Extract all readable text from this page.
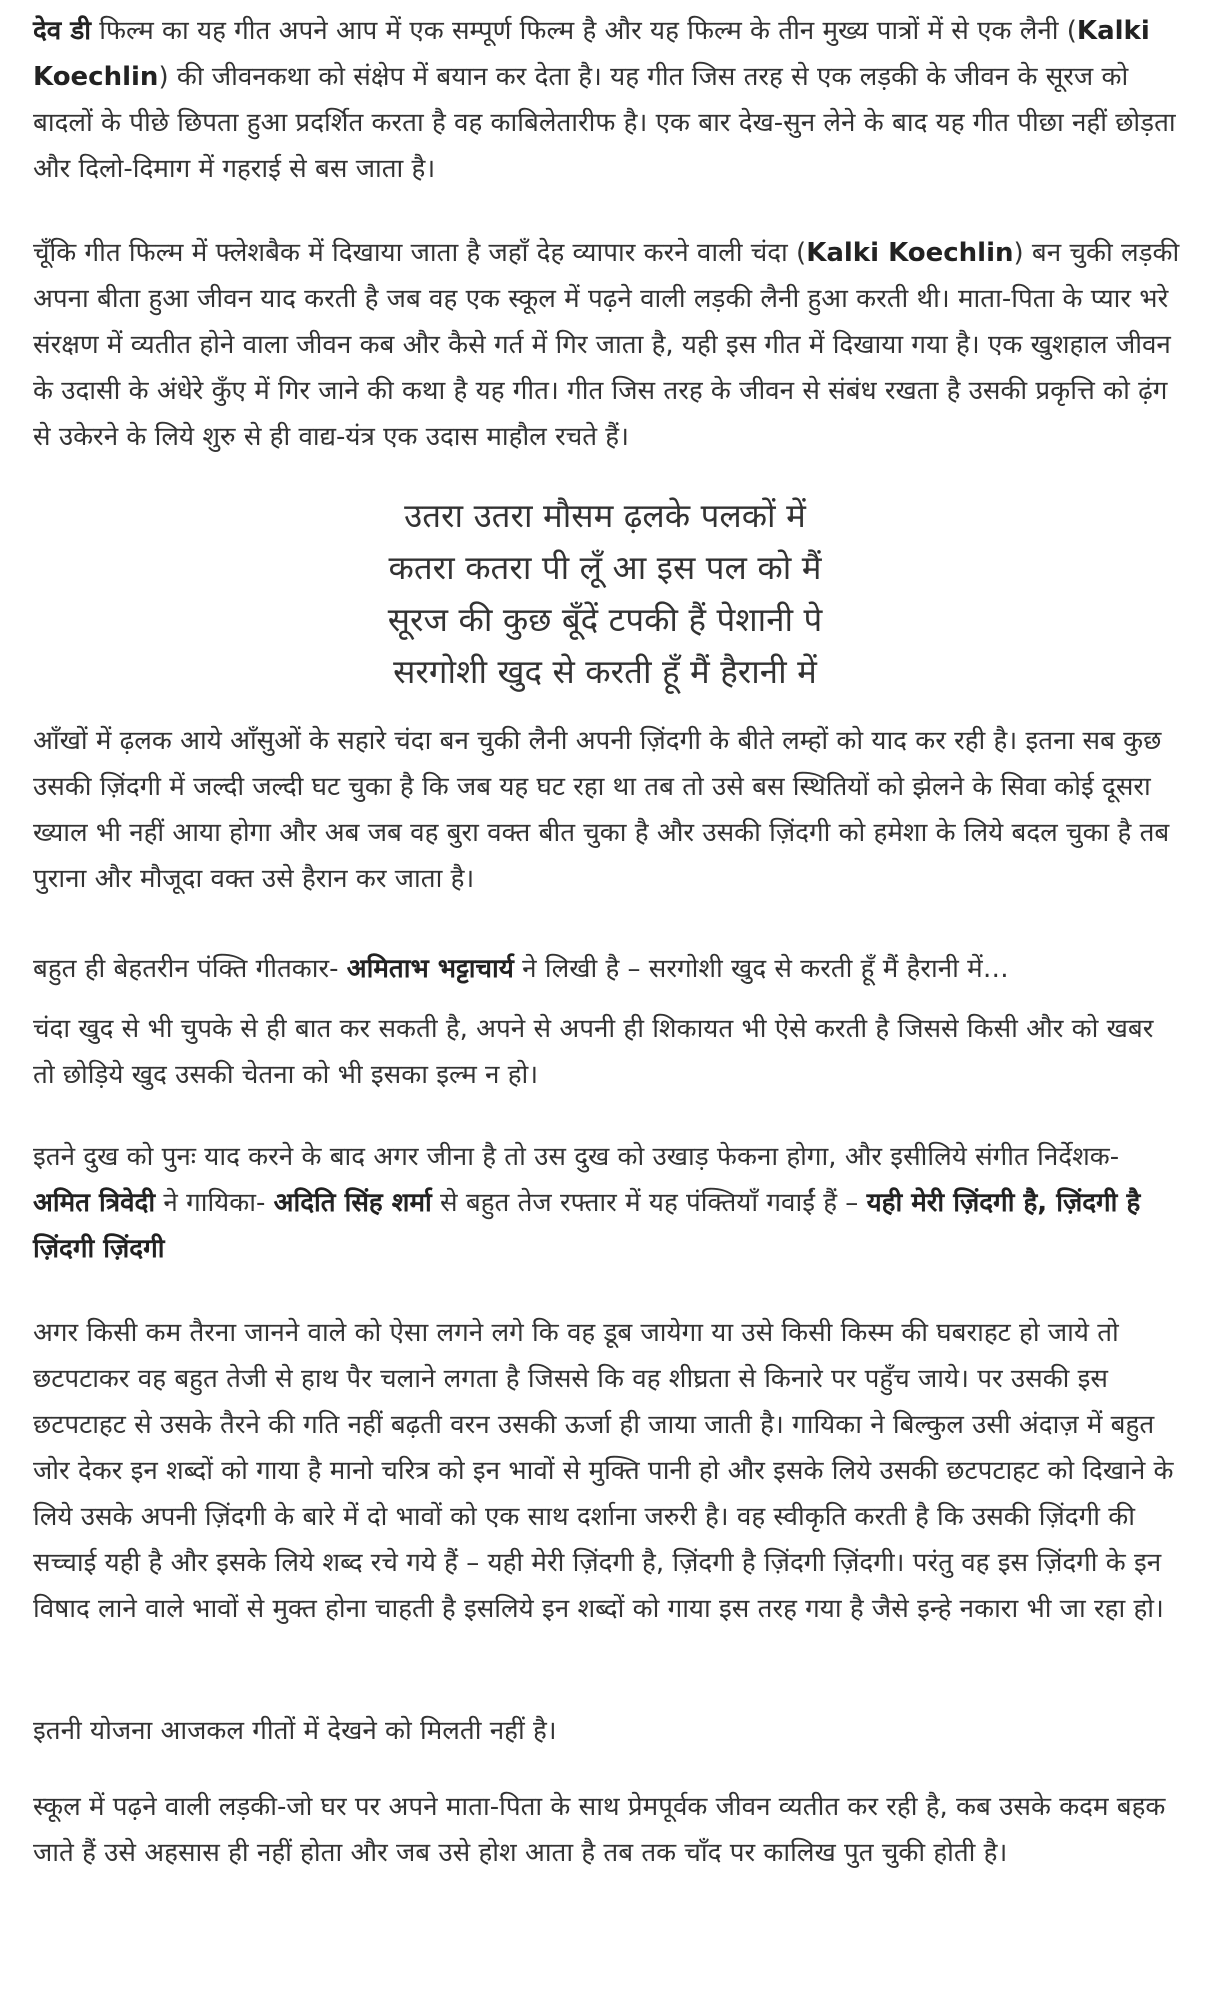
देव डी फिल्म का यह गीत अपने आप में एक सम्पूर्ण फिल्म है और यह फिल्म के तीन मुख्य पात्रों में से एक लैनी (Kalki Koechlin) की जीवनकथा को संक्षेप में बयान कर देता है। यह गीत जिस तरह से एक लड़की के जीवन के सूरज को बादलों के पीछे छिपता हुआ प्रदर्शित करता है वह काबिलेतारीफ है। एक बार देख-सुन लेने के बाद यह गीत पीछा नहीं छोड़ता और दिलो-दिमाग में गहराई से बस जाता है।

चूँकि गीत फिल्म में फ्लेशबैक में दिखाया जाता है जहाँ देह व्यापार करने वाली चंदा (Kalki Koechlin) बन चुकी लड़की अपना बीता हुआ जीवन याद करती है जब वह एक स्कूल में पढ़ने वाली लड़की लैनी हुआ करती थी। माता-पिता के प्यार भरे संरक्षण में व्यतीत होने वाला जीवन कब और कैसे गर्त में गिर जाता है, यही इस गीत में दिखाया गया है। एक खुशहाल जीवन के उदासी के अंधेरे कुँए में गिर जाने की कथा है यह गीत। गीत जिस तरह के जीवन से संबंध रखता है उसकी प्रकृत्ति को ढ़ंग से उकेरने के लिये शुरु से ही वाद्य-यंत्र एक उदास माहौल रचते हैं।

उतरा उतरा मौसम ढ़लके पलकों में
कतरा कतरा पी लूँ आ इस पल को मैं
सूरज की कुछ बूँदें टपकी हैं पेशानी पे
सरगोशी खुद से करती हूँ मैं हैरानी में

आँखों में ढ़लक आये आँसुओं के सहारे चंदा बन चुकी लैनी अपनी ज़िंदगी के बीते लम्हों को याद कर रही है। इतना सब कुछ उसकी ज़िंदगी में जल्दी जल्दी घट चुका है कि जब यह घट रहा था तब तो उसे बस स्थितियों को झेलने के सिवा कोई दूसरा ख्याल भी नहीं आया होगा और अब जब वह बुरा वक्त बीत चुका है और उसकी ज़िंदगी को हमेशा के लिये बदल चुका है तब पुराना और मौजूदा वक्त उसे हैरान कर जाता है।

बहुत ही बेहतरीन पंक्ति गीतकार- अमिताभ भट्टाचार्य ने लिखी है – सरगोशी खुद से करती हूँ मैं हैरानी में…

चंदा खुद से भी चुपके से ही बात कर सकती है, अपने से अपनी ही शिकायत भी ऐसे करती है जिससे किसी और को खबर तो छोड़िये खुद उसकी चेतना को भी इसका इल्म न हो।

इतने दुख को पुनः याद करने के बाद अगर जीना है तो उस दुख को उखाड़ फेकना होगा, और इसीलिये संगीत निर्देशक- अमित त्रिवेदी ने गायिका- अदिति सिंह शर्मा से बहुत तेज रफ्तार में यह पंक्तियाँ गवाईं हैं – यही मेरी ज़िंदगी है, ज़िंदगी है ज़िंदगी ज़िंदगी

अगर किसी कम तैरना जानने वाले को ऐसा लगने लगे कि वह डूब जायेगा या उसे किसी किस्म की घबराहट हो जाये तो छटपटाकर वह बहुत तेजी से हाथ पैर चलाने लगता है जिससे कि वह शीघ्रता से किनारे पर पहुँच जाये। पर उसकी इस छटपटाहट से उसके तैरने की गति नहीं बढ़ती वरन उसकी ऊर्जा ही जाया जाती है। गायिका ने बिल्कुल उसी अंदाज़ में बहुत जोर देकर इन शब्दों को गाया है मानो चरित्र को इन भावों से मुक्ति पानी हो और इसके लिये उसकी छटपटाहट को दिखाने के लिये उसके अपनी ज़िंदगी के बारे में दो भावों को एक साथ दर्शाना जरुरी है। वह स्वीकृति करती है कि उसकी ज़िंदगी की सच्चाई यही है और इसके लिये शब्द रचे गये हैं – यही मेरी ज़िंदगी है, ज़िंदगी है ज़िंदगी ज़िंदगी। परंतु वह इस ज़िंदगी के इन विषाद लाने वाले भावों से मुक्त होना चाहती है इसलिये इन शब्दों को गाया इस तरह गया है जैसे इन्हे नकारा भी जा रहा हो।

इतनी योजना आजकल गीतों में देखने को मिलती नहीं है।

स्कूल में पढ़ने वाली लड़की-जो घर पर अपने माता-पिता के साथ प्रेमपूर्वक जीवन व्यतीत कर रही है, कब उसके कदम बहक जाते हैं उसे अहसास ही नहीं होता और जब उसे होश आता है तब तक चाँद पर कालिख पुत चुकी होती है।
